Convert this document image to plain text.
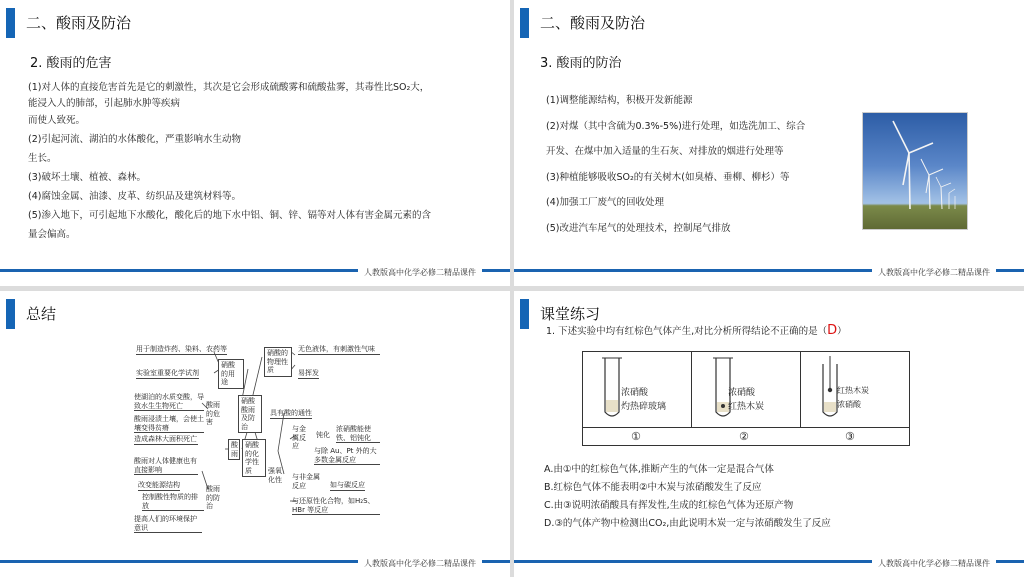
二、酸雨及防治
2. 酸雨的危害
(1)对人体的直接危害首先是它的刺激性，其次是它会形成硫酸雾和硫酸盐雾，其毒性比SO₂大，
能浸入人的肺部，引起肺水肿等疾病
而使人致死。
(2)引起河流、湖泊的水体酸化，严重影响水生动物
生长。
(3)破坏土壤、植被、森林。
(4)腐蚀金属、油漆、皮革、纺织品及建筑材料等。
(5)渗入地下，可引起地下水酸化，酸化后的地下水中铝、铜、锌、镉等对人体有害金属元素的含
量会偏高。
人教版高中化学必修二精品课件
二、酸雨及防治
3. 酸雨的防治
(1)调整能源结构，积极开发新能源
(2)对煤（其中含硫为0.3%-5%)进行处理，如选洗加工、综合
开发、在煤中加入适量的生石灰、对排放的烟进行处理等
(3)种植能够吸收SO₂的有关树木(如臭椿、垂柳、柳杉）等
(4)加强工厂废气的回收处理
(5)改进汽车尾气的处理技术，控制尾气排放
人教版高中化学必修二精品课件
总结
用于制造炸药、染料、农药等
实验室重要化学试剂
硝酸的用途
硝酸的物理性质
无色液体，有刺激性气味
易挥发
硝酸酸雨及防治
酸雨
硝酸的化学性质
具有酸的通性
强氧化性
与金属反应
钝化
浓硝酸能使铁、铝钝化
与除 Au、Pt 外的大多数金属反应
与非金属反应	如与碳反应
与还原性化合物，如H₂S、HBr 等反应
酸雨的危害
使湖泊的水质变酸，导致水生生物死亡
酸雨浸渍土壤，会使土壤变得贫瘠
造成森林大面积死亡
酸雨对人体健康也有直接影响
酸雨的防治
改变能源结构
控制酸性物质的排放
提高人们的环境保护意识
人教版高中化学必修二精品课件
课堂练习
1. 下述实验中均有红棕色气体产生,对比分析所得结论不正确的是（D）
浓硝酸
灼热碎玻璃
浓硝酸
红热木炭
红热木炭
浓硝酸
①	②	③
A.由①中的红棕色气体,推断产生的气体一定是混合气体
B.红棕色气体不能表明②中木炭与浓硝酸发生了反应
C.由③说明浓硝酸具有挥发性,生成的红棕色气体为还原产物
D.③的气体产物中检测出CO₂,由此说明木炭一定与浓硝酸发生了反应
人教版高中化学必修二精品课件
